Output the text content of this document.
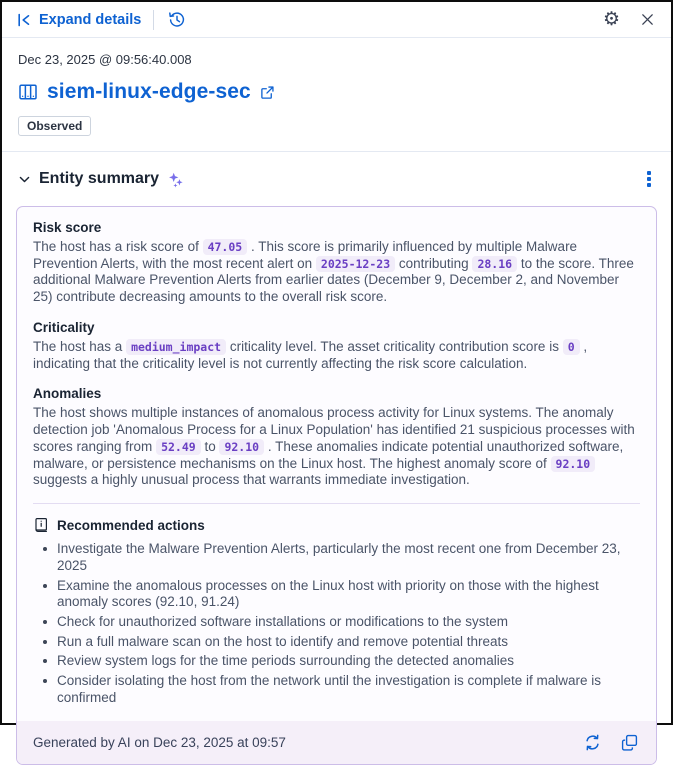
Expand details	⚙
Dec 23, 2025 @ 09:56:40.008
siem-linux-edge-sec
Observed
Entity summary
Risk score

The host has a risk score of 47.05 . This score is primarily influenced by multiple Malware Prevention Alerts, with the most recent alert on 2025-12-23 contributing 28.16 to the score. Three additional Malware Prevention Alerts from earlier dates (December 9, December 2, and November 25) contribute decreasing amounts to the overall risk score.

Criticality

The host has a medium_impact criticality level. The asset criticality contribution score is 0 , indicating that the criticality level is not currently affecting the risk score calculation.

Anomalies

The host shows multiple instances of anomalous process activity for Linux systems. The anomaly detection job 'Anomalous Process for a Linux Population' has identified 21 suspicious processes with scores ranging from 52.49 to 92.10 . These anomalies indicate potential unauthorized software, malware, or persistence mechanisms on the Linux host. The highest anomaly score of 92.10 suggests a highly unusual process that warrants immediate investigation.

Recommended actions
Investigate the Malware Prevention Alerts, particularly the most recent one from December 23, 2025
Examine the anomalous processes on the Linux host with priority on those with the highest anomaly scores (92.10, 91.24)
Check for unauthorized software installations or modifications to the system
Run a full malware scan on the host to identify and remove potential threats
Review system logs for the time periods surrounding the detected anomalies
Consider isolating the host from the network until the investigation is complete if malware is confirmed
Generated by AI on Dec 23, 2025 at 09:57
